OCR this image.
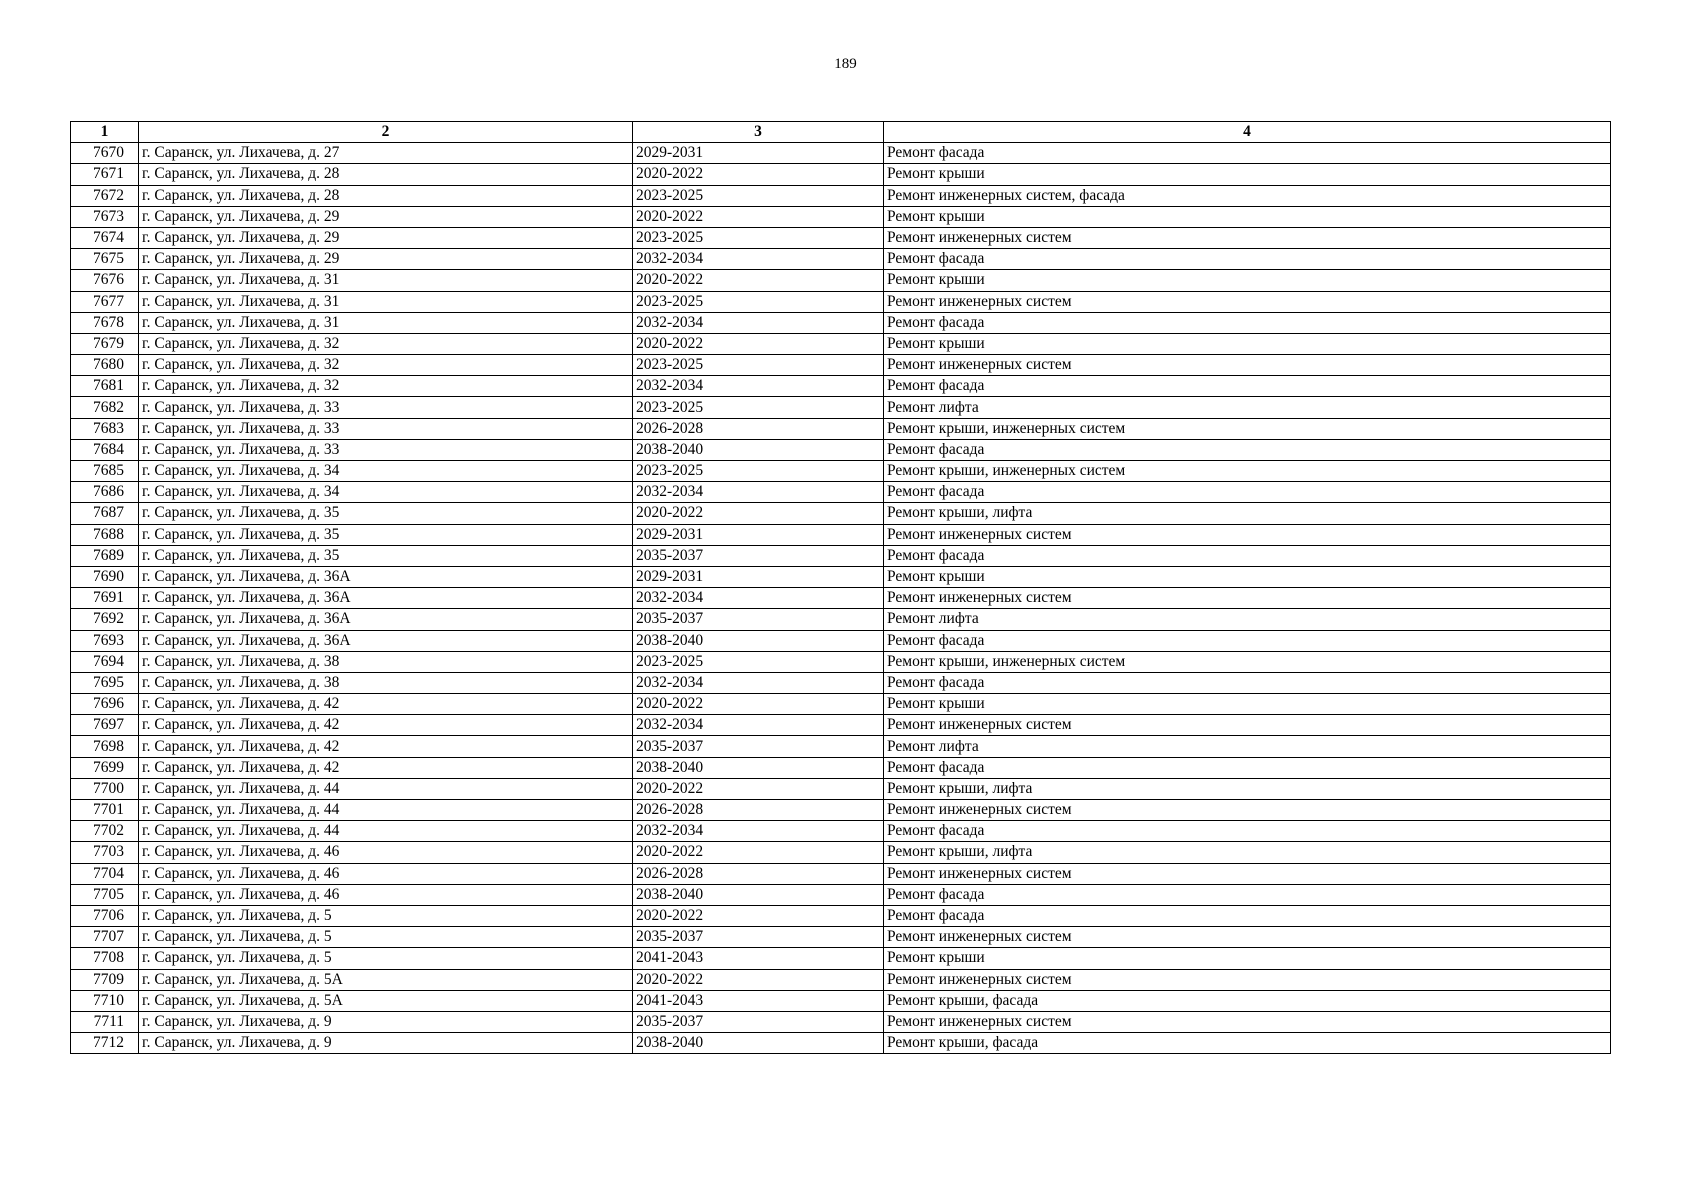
189
1	2	3	4
7670	г. Саранск, ул. Лихачева, д. 27	2029-2031	Ремонт фасада
7671	г. Саранск, ул. Лихачева, д. 28	2020-2022	Ремонт крыши
7672	г. Саранск, ул. Лихачева, д. 28	2023-2025	Ремонт инженерных систем, фасада
7673	г. Саранск, ул. Лихачева, д. 29	2020-2022	Ремонт крыши
7674	г. Саранск, ул. Лихачева, д. 29	2023-2025	Ремонт инженерных систем
7675	г. Саранск, ул. Лихачева, д. 29	2032-2034	Ремонт фасада
7676	г. Саранск, ул. Лихачева, д. 31	2020-2022	Ремонт крыши
7677	г. Саранск, ул. Лихачева, д. 31	2023-2025	Ремонт инженерных систем
7678	г. Саранск, ул. Лихачева, д. 31	2032-2034	Ремонт фасада
7679	г. Саранск, ул. Лихачева, д. 32	2020-2022	Ремонт крыши
7680	г. Саранск, ул. Лихачева, д. 32	2023-2025	Ремонт инженерных систем
7681	г. Саранск, ул. Лихачева, д. 32	2032-2034	Ремонт фасада
7682	г. Саранск, ул. Лихачева, д. 33	2023-2025	Ремонт лифта
7683	г. Саранск, ул. Лихачева, д. 33	2026-2028	Ремонт крыши, инженерных систем
7684	г. Саранск, ул. Лихачева, д. 33	2038-2040	Ремонт фасада
7685	г. Саранск, ул. Лихачева, д. 34	2023-2025	Ремонт крыши, инженерных систем
7686	г. Саранск, ул. Лихачева, д. 34	2032-2034	Ремонт фасада
7687	г. Саранск, ул. Лихачева, д. 35	2020-2022	Ремонт крыши, лифта
7688	г. Саранск, ул. Лихачева, д. 35	2029-2031	Ремонт инженерных систем
7689	г. Саранск, ул. Лихачева, д. 35	2035-2037	Ремонт фасада
7690	г. Саранск, ул. Лихачева, д. 36А	2029-2031	Ремонт крыши
7691	г. Саранск, ул. Лихачева, д. 36А	2032-2034	Ремонт инженерных систем
7692	г. Саранск, ул. Лихачева, д. 36А	2035-2037	Ремонт лифта
7693	г. Саранск, ул. Лихачева, д. 36А	2038-2040	Ремонт фасада
7694	г. Саранск, ул. Лихачева, д. 38	2023-2025	Ремонт крыши, инженерных систем
7695	г. Саранск, ул. Лихачева, д. 38	2032-2034	Ремонт фасада
7696	г. Саранск, ул. Лихачева, д. 42	2020-2022	Ремонт крыши
7697	г. Саранск, ул. Лихачева, д. 42	2032-2034	Ремонт инженерных систем
7698	г. Саранск, ул. Лихачева, д. 42	2035-2037	Ремонт лифта
7699	г. Саранск, ул. Лихачева, д. 42	2038-2040	Ремонт фасада
7700	г. Саранск, ул. Лихачева, д. 44	2020-2022	Ремонт крыши, лифта
7701	г. Саранск, ул. Лихачева, д. 44	2026-2028	Ремонт инженерных систем
7702	г. Саранск, ул. Лихачева, д. 44	2032-2034	Ремонт фасада
7703	г. Саранск, ул. Лихачева, д. 46	2020-2022	Ремонт крыши, лифта
7704	г. Саранск, ул. Лихачева, д. 46	2026-2028	Ремонт инженерных систем
7705	г. Саранск, ул. Лихачева, д. 46	2038-2040	Ремонт фасада
7706	г. Саранск, ул. Лихачева, д. 5	2020-2022	Ремонт фасада
7707	г. Саранск, ул. Лихачева, д. 5	2035-2037	Ремонт инженерных систем
7708	г. Саранск, ул. Лихачева, д. 5	2041-2043	Ремонт крыши
7709	г. Саранск, ул. Лихачева, д. 5А	2020-2022	Ремонт инженерных систем
7710	г. Саранск, ул. Лихачева, д. 5А	2041-2043	Ремонт крыши, фасада
7711	г. Саранск, ул. Лихачева, д. 9	2035-2037	Ремонт инженерных систем
7712	г. Саранск, ул. Лихачева, д. 9	2038-2040	Ремонт крыши, фасада
